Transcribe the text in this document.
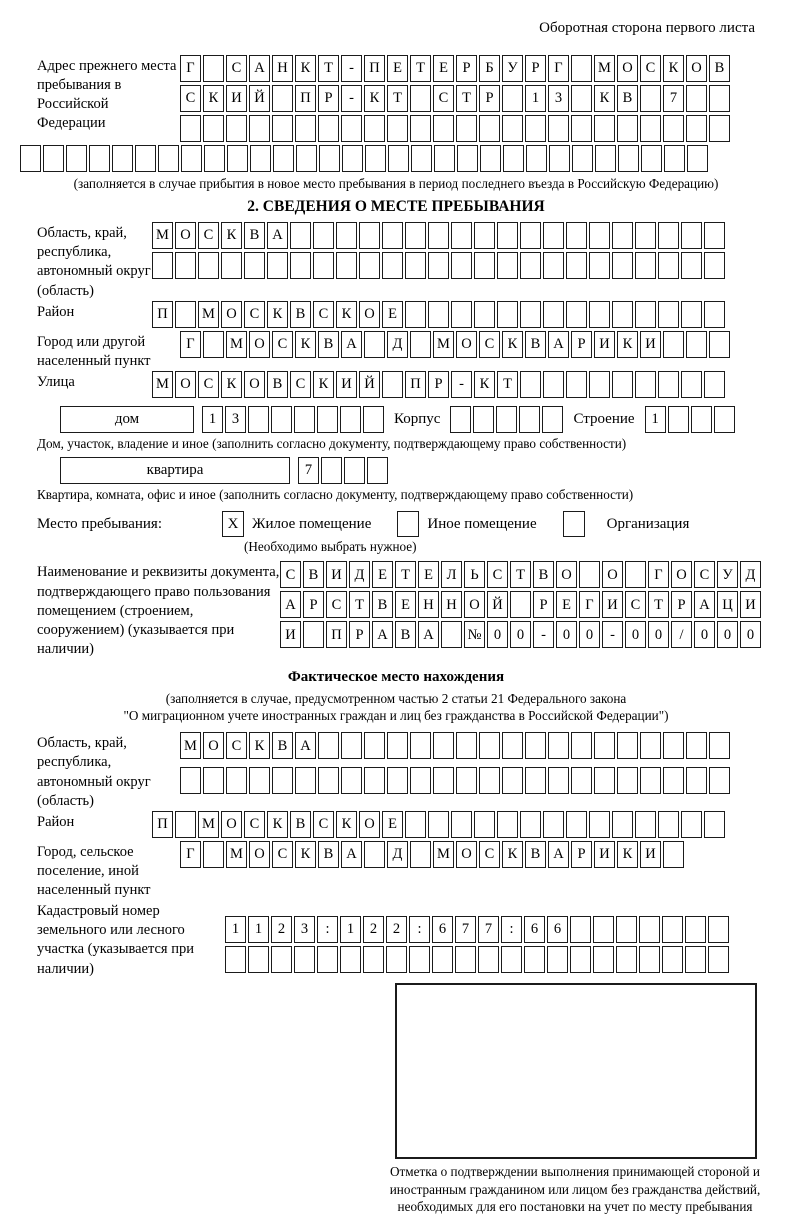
Оборотная сторона первого листа
Адрес прежнего места пребывания в Российской Федерации
Г	С А Н К Т	-	П Е Т Е	Р	Б У Р	Г	М О С К О В
С К И Й	П Р	-	К Т	С Т	Р	1	3	К В	7
(заполняется в случае прибытия в новое место пребывания в период последнего въезда в Российскую Федерацию)
2. СВЕДЕНИЯ О МЕСТЕ ПРЕБЫВАНИЯ
Область, край, республика, автономный округ (область)
М О С К В А
Район	П	М О С К В С К О Е
Город или другой населенный пункт
Г	М О С К В А	Д	М О С К В А Р И К И
Улица	М О С К О В С К И Й	П Р	-	К Т
дом	1	3	Корпус	Строение	1
Дом, участок, владение и иное (заполнить согласно документу, подтверждающему право собственности)
квартира	7
Квартира, комната, офис и иное (заполнить согласно документу, подтверждающему право собственности)
Место пребывания:	X Жилое помещение	Иное помещение	Организация
(Необходимо выбрать нужное)
Наименование и реквизиты документа, подтверждающего право пользования помещением (строением, сооружением) (указывается при наличии)
С В И Д Е Т Е Л Ь С Т В О	О	Г О С У Д
А Р С Т В Е Н Н О Й	Р	Е Г И С Т	Р А Ц И
И	П Р А В А	№ 0	0	-	0	0	-	0	0	/	0	0	0
Фактическое место нахождения
(заполняется в случае, предусмотренном частью 2 статьи 21 Федерального закона
"О миграционном учете иностранных граждан и лиц без гражданства в Российской Федерации")
Область, край, республика, автономный округ (область)
М О С К В А
Район	П	М О С К В С К О Е
Город, сельское поселение, иной населенный пункт
Г	М О С К В А	Д	М О С К В А Р И К И
Кадастровый номер земельного или лесного участка (указывается при наличии)
1	1	2	3	:	1	2	2	:	6	7	7	:	6	6
Отметка о подтверждении выполнения принимающей стороной и иностранным гражданином или лицом без гражданства действий, необходимых для его постановки на учет по месту пребывания
